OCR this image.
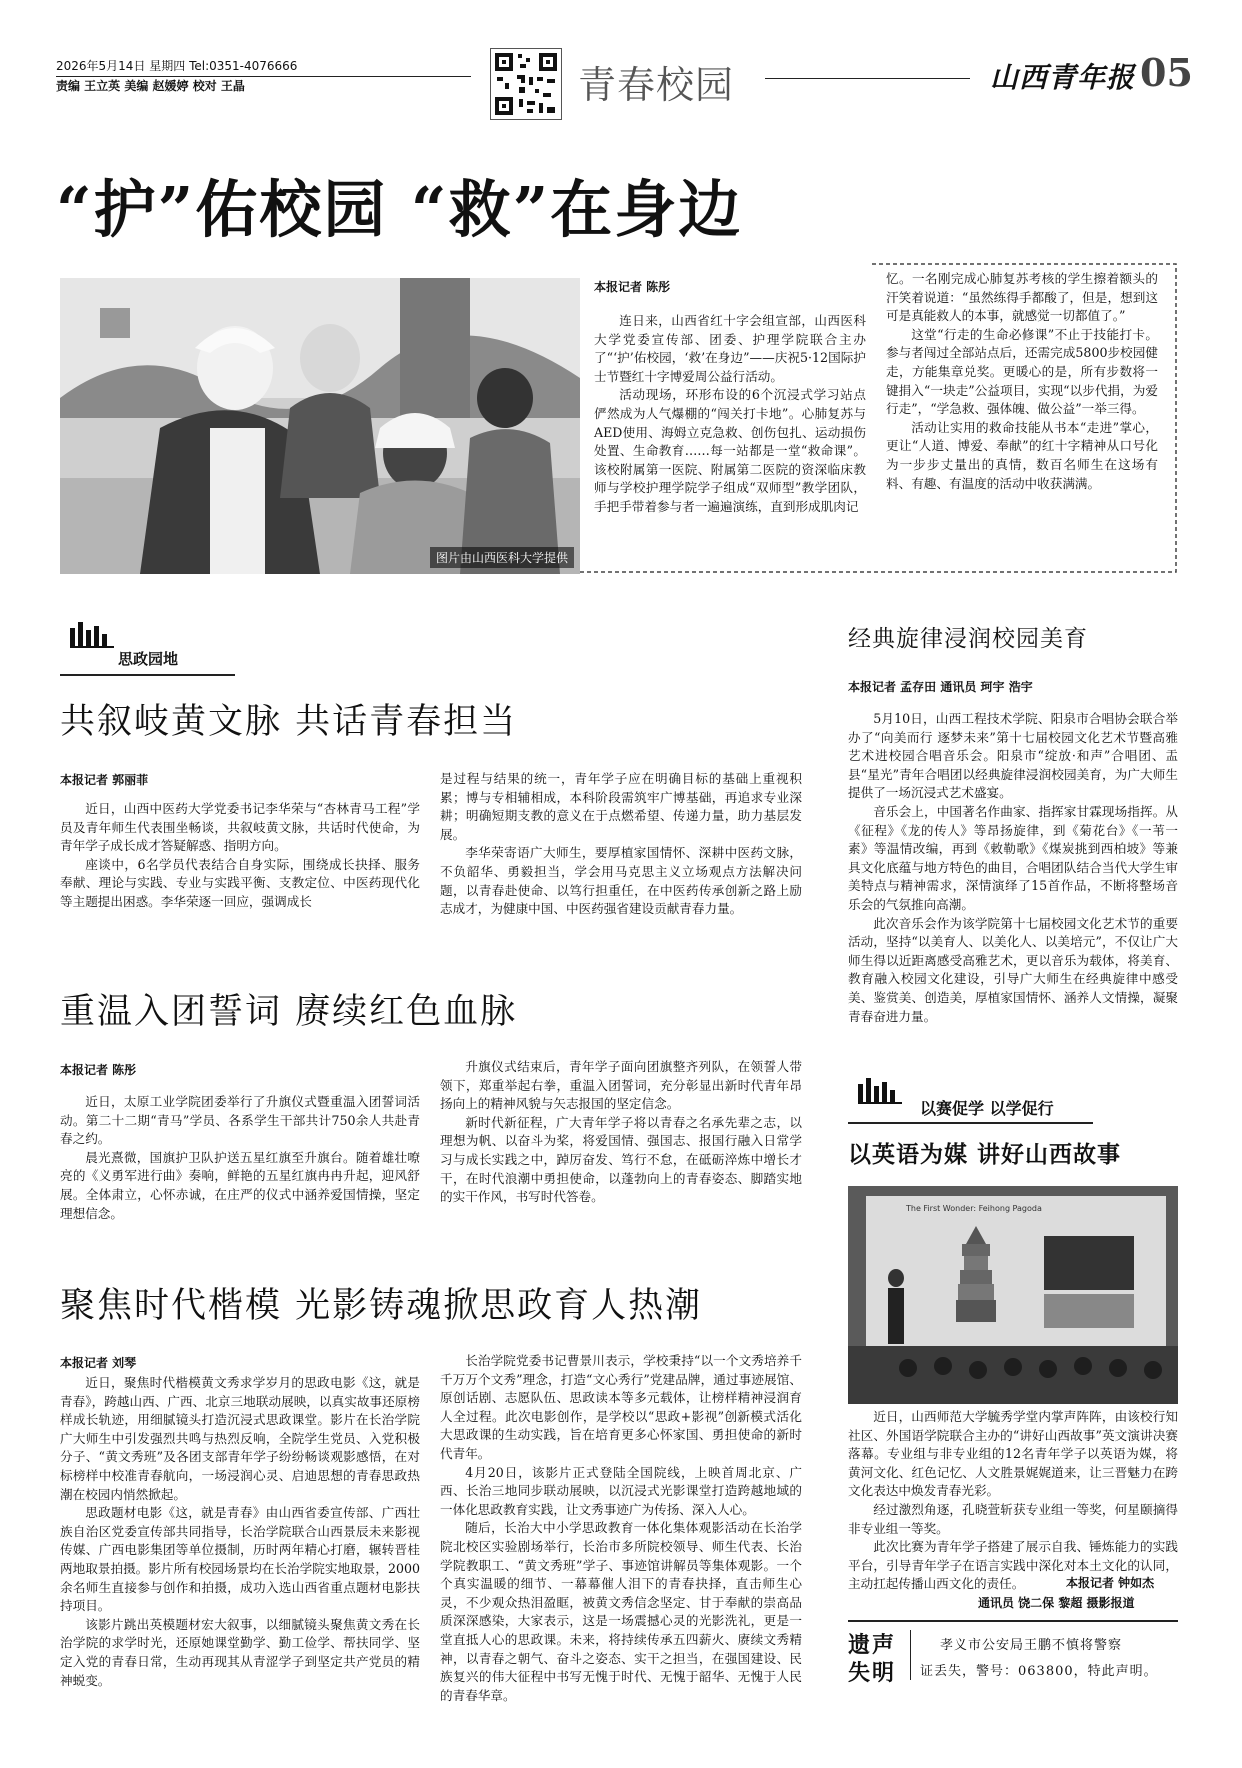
2026年5月14日 星期四 Tel:0351-4076666
责编 王立英 美编 赵媛婷 校对 王晶	青春校园	山西青年报 05
“护”佑校园 “救”在身边
图片由山西医科大学提供
本报记者 陈彤

连日来，山西省红十字会组宣部，山西医科大学党委宣传部、团委、护理学院联合主办了“‘护’佑校园，‘救’在身边”——庆祝5·12国际护士节暨红十字博爱周公益行活动。

活动现场，环形布设的6个沉浸式学习站点俨然成为人气爆棚的“闯关打卡地”。心肺复苏与AED使用、海姆立克急救、创伤包扎、运动损伤处置、生命教育……每一站都是一堂“救命课”。该校附属第一医院、附属第二医院的资深临床教师与学校护理学院学子组成“双师型”教学团队，手把手带着参与者一遍遍演练，直到形成肌肉记

忆。一名刚完成心肺复苏考核的学生擦着额头的汗笑着说道：“虽然练得手都酸了，但是，想到这可是真能救人的本事，就感觉一切都值了。”

这堂“行走的生命必修课”不止于技能打卡。参与者闯过全部站点后，还需完成5800步校园健走，方能集章兑奖。更暖心的是，所有步数将一键捐入“一块走”公益项目，实现“以步代捐，为爱行走”，“学急救、强体魄、做公益”一举三得。

活动让实用的救命技能从书本“走进”掌心，更让“人道、博爱、奉献”的红十字精神从口号化为一步步丈量出的真情，数百名师生在这场有料、有趣、有温度的活动中收获满满。

思政园地
共叙岐黄文脉 共话青春担当
本报记者 郭丽菲

近日，山西中医药大学党委书记李华荣与“杏林青马工程”学员及青年师生代表围坐畅谈，共叙岐黄文脉，共话时代使命，为青年学子成长成才答疑解惑、指明方向。

座谈中，6名学员代表结合自身实际，围绕成长抉择、服务奉献、理论与实践、专业与实践平衡、支教定位、中医药现代化等主题提出困惑。李华荣逐一回应，强调成长

是过程与结果的统一，青年学子应在明确目标的基础上重视积累；博与专相辅相成，本科阶段需筑牢广博基础，再追求专业深耕；明确短期支教的意义在于点燃希望、传递力量，助力基层发展。

李华荣寄语广大师生，要厚植家国情怀、深耕中医药文脉，不负韶华、勇毅担当，学会用马克思主义立场观点方法解决问题，以青春赴使命、以笃行担重任，在中医药传承创新之路上励志成才，为健康中国、中医药强省建设贡献青春力量。

重温入团誓词 赓续红色血脉
本报记者 陈彤

近日，太原工业学院团委举行了升旗仪式暨重温入团誓词活动。第二十二期“青马”学员、各系学生干部共计750余人共赴青春之约。

晨光熹微，国旗护卫队护送五星红旗至升旗台。随着雄壮嘹亮的《义勇军进行曲》奏响，鲜艳的五星红旗冉冉升起，迎风舒展。全体肃立，心怀赤诚，在庄严的仪式中涵养爱国情操，坚定理想信念。

升旗仪式结束后，青年学子面向团旗整齐列队，在领誓人带领下，郑重举起右拳，重温入团誓词，充分彰显出新时代青年昂扬向上的精神风貌与矢志报国的坚定信念。

新时代新征程，广大青年学子将以青春之名承先辈之志，以理想为帆、以奋斗为桨，将爱国情、强国志、报国行融入日常学习与成长实践之中，踔厉奋发、笃行不怠，在砥砺淬炼中增长才干，在时代浪潮中勇担使命，以蓬勃向上的青春姿态、脚踏实地的实干作风，书写时代答卷。

聚焦时代楷模 光影铸魂掀思政育人热潮
本报记者 刘琴

近日，聚焦时代楷模黄文秀求学岁月的思政电影《这，就是青春》，跨越山西、广西、北京三地联动展映，以真实故事还原榜样成长轨迹，用细腻镜头打造沉浸式思政课堂。影片在长治学院广大师生中引发强烈共鸣与热烈反响，全院学生党员、入党积极分子、“黄文秀班”及各团支部青年学子纷纷畅谈观影感悟，在对标榜样中校准青春航向，一场浸润心灵、启迪思想的青春思政热潮在校园内悄然掀起。

思政题材电影《这，就是青春》由山西省委宣传部、广西壮族自治区党委宣传部共同指导，长治学院联合山西景辰未来影视传媒、广西电影集团等单位摄制，历时两年精心打磨，辗转晋桂两地取景拍摄。影片所有校园场景均在长治学院实地取景，2000余名师生直接参与创作和拍摄，成功入选山西省重点题材电影扶持项目。

该影片跳出英模题材宏大叙事，以细腻镜头聚焦黄文秀在长治学院的求学时光，还原她课堂勤学、勤工俭学、帮扶同学、坚定入党的青春日常，生动再现其从青涩学子到坚定共产党员的精神蜕变。

长治学院党委书记曹景川表示，学校秉持“以一个文秀培养千千万万个文秀”理念，打造“文心秀行”党建品牌，通过事迹展馆、原创话剧、志愿队伍、思政读本等多元载体，让榜样精神浸润育人全过程。此次电影创作，是学校以“思政+影视”创新模式活化大思政课的生动实践，旨在培育更多心怀家国、勇担使命的新时代青年。

4月20日，该影片正式登陆全国院线，上映首周北京、广西、长治三地同步联动展映，以沉浸式光影课堂打造跨越地域的一体化思政教育实践，让文秀事迹广为传扬、深入人心。

随后，长治大中小学思政教育一体化集体观影活动在长治学院北校区实验剧场举行，长治市多所院校领导、师生代表、长治学院教职工、“黄文秀班”学子、事迹馆讲解员等集体观影。一个个真实温暖的细节、一幕幕催人泪下的青春抉择，直击师生心灵，不少观众热泪盈眶，被黄文秀信念坚定、甘于奉献的崇高品质深深感染，大家表示，这是一场震撼心灵的光影洗礼，更是一堂直抵人心的思政课。未来，将持续传承五四薪火、赓续文秀精神，以青春之朝气、奋斗之姿态、实干之担当，在强国建设、民族复兴的伟大征程中书写无愧于时代、无愧于韶华、无愧于人民的青春华章。

经典旋律浸润校园美育
本报记者 孟存田 通讯员 珂宇 浩宇

5月10日，山西工程技术学院、阳泉市合唱协会联合举办了“向美而行 逐梦未来”第十七届校园文化艺术节暨高雅艺术进校园合唱音乐会。阳泉市“绽放·和声”合唱团、盂县“星光”青年合唱团以经典旋律浸润校园美育，为广大师生提供了一场沉浸式艺术盛宴。

音乐会上，中国著名作曲家、指挥家甘霖现场指挥。从《征程》《龙的传人》等昂扬旋律，到《菊花台》《一苇一素》等温情改编，再到《敕勒歌》《煤炭挑到西柏坡》等兼具文化底蕴与地方特色的曲目，合唱团队结合当代大学生审美特点与精神需求，深情演绎了15首作品，不断将整场音乐会的气氛推向高潮。

此次音乐会作为该学院第十七届校园文化艺术节的重要活动，坚持“以美育人、以美化人、以美培元”，不仅让广大师生得以近距离感受高雅艺术，更以音乐为载体，将美育、教育融入校园文化建设，引导广大师生在经典旋律中感受美、鉴赏美、创造美，厚植家国情怀、涵养人文情操，凝聚青春奋进力量。

以赛促学 以学促行
以英语为媒 讲好山西故事
The First Wonder: Feihong Pagoda

近日，山西师范大学毓秀学堂内掌声阵阵，由该校行知社区、外国语学院联合主办的“讲好山西故事”英文演讲决赛落幕。专业组与非专业组的12名青年学子以英语为媒，将黄河文化、红色记忆、人文胜景娓娓道来，让三晋魅力在跨文化表达中焕发青春光彩。

经过激烈角逐，孔晓萱斩获专业组一等奖，何星颐摘得非专业组一等奖。

此次比赛为青年学子搭建了展示自我、锤炼能力的实践平台，引导青年学子在语言实践中深化对本土文化的认同，主动扛起传播山西文化的责任。	本报记者 钟如杰
通讯员 饶二保 黎超 摄影报道
遗声
失明
孝义市公安局王鹏不慎将警察
证丢失，警号：063800，特此声明。
